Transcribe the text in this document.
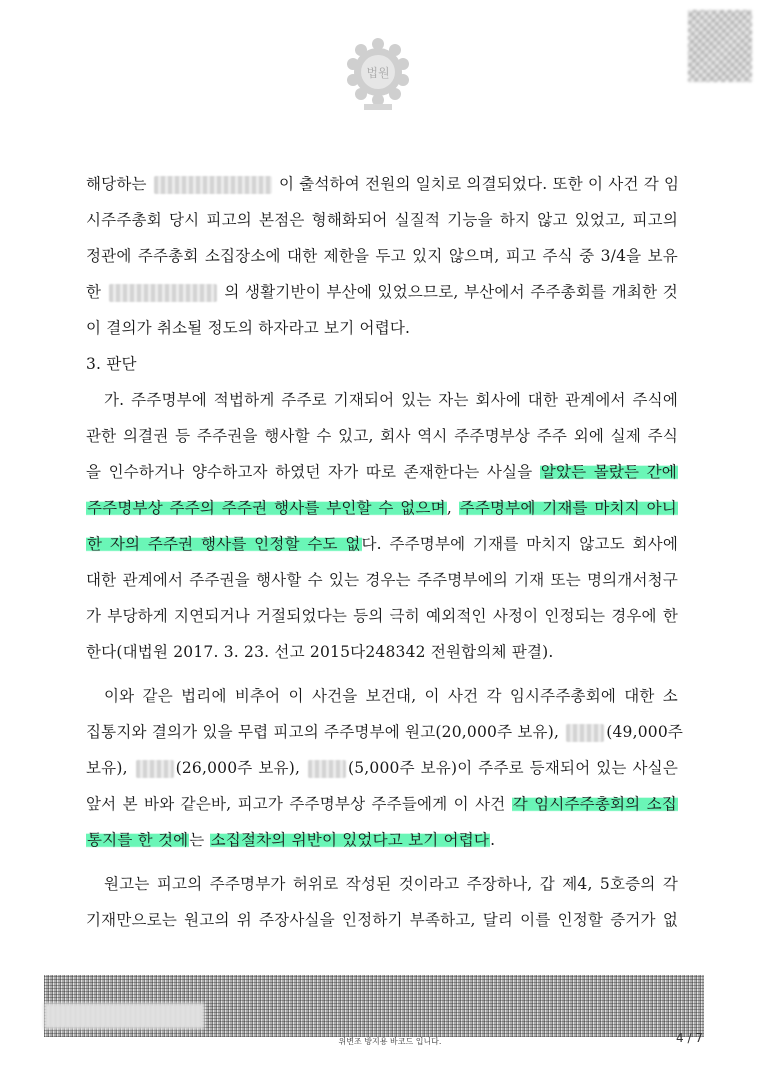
법원
해당하는	이 출석하여 전원의 일치로 의결되었다. 또한 이 사건 각 임
시주주총회 당시 피고의 본점은 형해화되어 실질적 기능을 하지 않고 있었고, 피고의
정관에 주주총회 소집장소에 대한 제한을 두고 있지 않으며, 피고 주식 중 3/4을 보유
한	의 생활기반이 부산에 있었으므로, 부산에서 주주총회를 개최한 것
이 결의가 취소될 정도의 하자라고 보기 어렵다.
3. 판단
가. 주주명부에 적법하게 주주로 기재되어 있는 자는 회사에 대한 관계에서 주식에
관한 의결권 등 주주권을 행사할 수 있고, 회사 역시 주주명부상 주주 외에 실제 주식
을 인수하거나 양수하고자 하였던 자가 따로 존재한다는 사실을 알았든 몰랐든 간에
주주명부상 주주의 주주권 행사를 부인할 수 없으며, 주주명부에 기재를 마치지 아니
한 자의 주주권 행사를 인정할 수도 없다. 주주명부에 기재를 마치지 않고도 회사에
대한 관계에서 주주권을 행사할 수 있는 경우는 주주명부에의 기재 또는 명의개서청구
가 부당하게 지연되거나 거절되었다는 등의 극히 예외적인 사정이 인정되는 경우에 한
한다(대법원 2017. 3. 23. 선고 2015다248342 전원합의체 판결).
이와 같은 법리에 비추어 이 사건을 보건대, 이 사건 각 임시주주총회에 대한 소
집통지와 결의가 있을 무렵 피고의 주주명부에 원고(20,000주 보유),	(49,000주
보유),	(26,000주 보유),	(5,000주 보유)이 주주로 등재되어 있는 사실은
앞서 본 바와 같은바, 피고가 주주명부상 주주들에게 이 사건 각 임시주주총회의 소집
통지를 한 것에는 소집절차의 위반이 있었다고 보기 어렵다.
원고는 피고의 주주명부가 허위로 작성된 것이라고 주장하나, 갑 제4, 5호증의 각
기재만으로는 원고의 위 주장사실을 인정하기 부족하고, 달리 이를 인정할 증거가 없
위변조 방지용 바코드 입니다.	4 / 7
